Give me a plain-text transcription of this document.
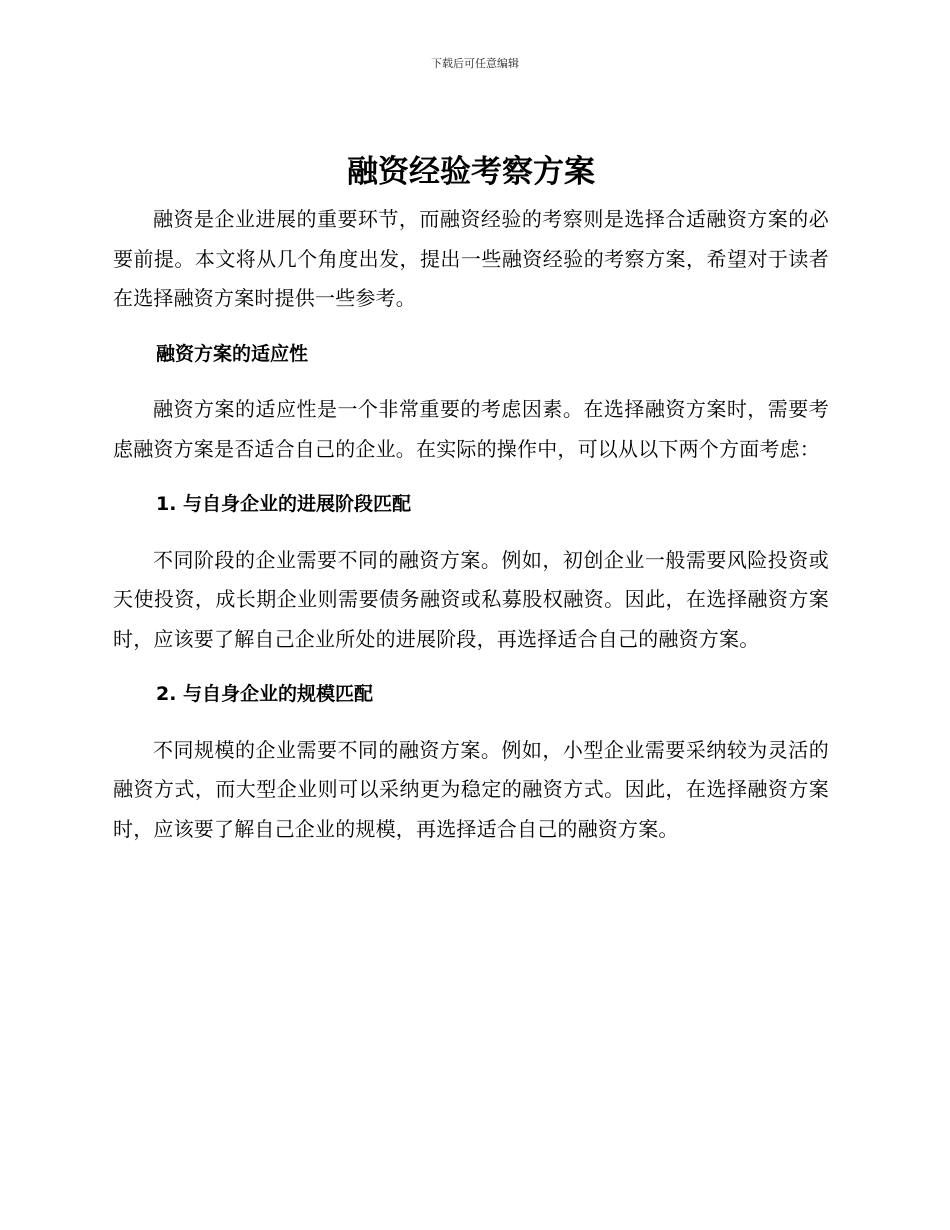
下载后可任意编辑
融资经验考察方案

融资是企业进展的重要环节，而融资经验的考察则是选择合适融资方案的必要前提。本文将从几个角度出发，提出一些融资经验的考察方案，希望对于读者在选择融资方案时提供一些参考。

融资方案的适应性

融资方案的适应性是一个非常重要的考虑因素。在选择融资方案时，需要考虑融资方案是否适合自己的企业。在实际的操作中，可以从以下两个方面考虑：

1. 与自身企业的进展阶段匹配

不同阶段的企业需要不同的融资方案。例如，初创企业一般需要风险投资或天使投资，成长期企业则需要债务融资或私募股权融资。因此，在选择融资方案时，应该要了解自己企业所处的进展阶段，再选择适合自己的融资方案。

2. 与自身企业的规模匹配

不同规模的企业需要不同的融资方案。例如，小型企业需要采纳较为灵活的融资方式，而大型企业则可以采纳更为稳定的融资方式。因此，在选择融资方案时，应该要了解自己企业的规模，再选择适合自己的融资方案。
